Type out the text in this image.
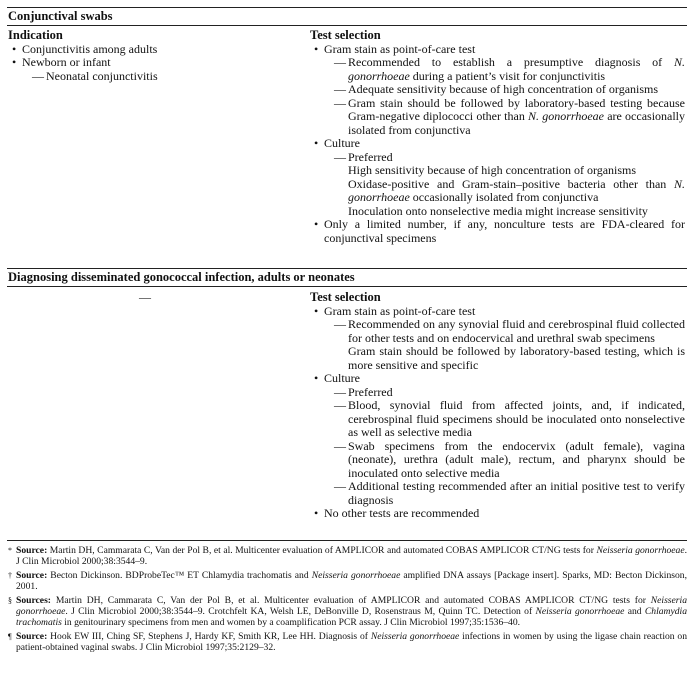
Conjunctival swabs
Indication
• Conjunctivitis among adults
• Newborn or infant
— Neonatal conjunctivitis
Test selection
• Gram stain as point-of-care test
— Recommended to establish a presumptive diagnosis of N. gonorrhoeae during a patient’s visit for conjunctivitis
— Adequate sensitivity because of high concentration of organisms
— Gram stain should be followed by laboratory-based testing because Gram-negative diplococci other than N. gonorrhoeae are occasionally isolated from conjunctiva
• Culture
— Preferred
High sensitivity because of high concentration of organisms
Oxidase-positive and Gram-stain–positive bacteria other than N. gonorrhoeae occasionally isolated from conjunctiva
Inoculation onto nonselective media might increase sensitivity
• Only a limited number, if any, nonculture tests are FDA-cleared for conjunctival specimens
Diagnosing disseminated gonococcal infection, adults or neonates
—	Test selection
• Gram stain as point-of-care test
— Recommended on any synovial fluid and cerebrospinal fluid collected for other tests and on endocervical and urethral swab specimens
Gram stain should be followed by laboratory-based testing, which is more sensitive and specific
• Culture
— Preferred
— Blood, synovial fluid from affected joints, and, if indicated, cerebrospinal fluid specimens should be inoculated onto nonselective as well as selective media
— Swab specimens from the endocervix (adult female), vagina (neonate), urethra (adult male), rectum, and pharynx should be inoculated onto selective media
— Additional testing recommended after an initial positive test to verify diagnosis
• No other tests are recommended
* Source: Martin DH, Cammarata C, Van der Pol B, et al. Multicenter evaluation of AMPLICOR and automated COBAS AMPLICOR CT/NG tests for Neisseria gonorrhoeae. J Clin Microbiol 2000;38:3544–9.
† Source: Becton Dickinson. BDProbeTec™ ET Chlamydia trachomatis and Neisseria gonorrhoeae amplified DNA assays [Package insert]. Sparks, MD: Becton Dickinson, 2001.
§ Sources: Martin DH, Cammarata C, Van der Pol B, et al. Multicenter evaluation of AMPLICOR and automated COBAS AMPLICOR CT/NG tests for Neisseria gonorrhoeae. J Clin Microbiol 2000;38:3544–9. Crotchfelt KA, Welsh LE, DeBonville D, Rosenstraus M, Quinn TC. Detection of Neisseria gonorrhoeae and Chlamydia trachomatis in genitourinary specimens from men and women by a coamplification PCR assay. J Clin Microbiol 1997;35:1536–40.
¶ Source: Hook EW III, Ching SF, Stephens J, Hardy KF, Smith KR, Lee HH. Diagnosis of Neisseria gonorrhoeae infections in women by using the ligase chain reaction on patient-obtained vaginal swabs. J Clin Microbiol 1997;35:2129–32.
